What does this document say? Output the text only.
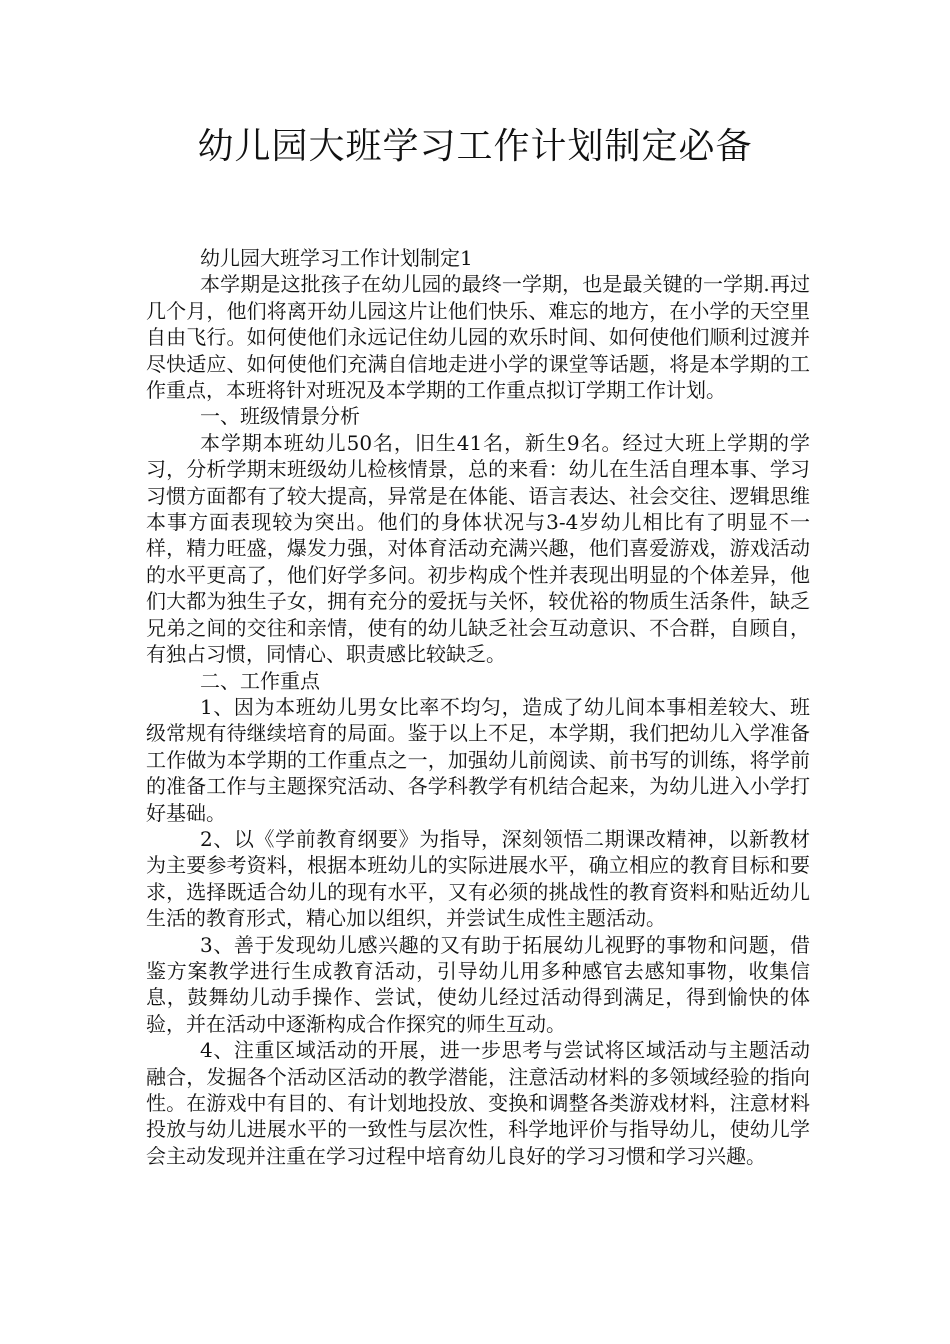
幼儿园大班学习工作计划制定必备

幼儿园大班学习工作计划制定1

本学期是这批孩子在幼儿园的最终一学期，也是最关键的一学期.再过几个月，他们将离开幼儿园这片让他们快乐、难忘的地方，在小学的天空里自由飞行。如何使他们永远记住幼儿园的欢乐时间、如何使他们顺利过渡并尽快适应、如何使他们充满自信地走进小学的课堂等话题，将是本学期的工作重点，本班将针对班况及本学期的工作重点拟订学期工作计划。

一、班级情景分析

本学期本班幼儿50名，旧生41名，新生9名。经过大班上学期的学习，分析学期末班级幼儿检核情景，总的来看：幼儿在生活自理本事、学习习惯方面都有了较大提高，异常是在体能、语言表达、社会交往、逻辑思维本事方面表现较为突出。他们的身体状况与3-4岁幼儿相比有了明显不一样，精力旺盛，爆发力强，对体育活动充满兴趣，他们喜爱游戏，游戏活动的水平更高了，他们好学多问。初步构成个性并表现出明显的个体差异，他们大都为独生子女，拥有充分的爱抚与关怀，较优裕的物质生活条件，缺乏兄弟之间的交往和亲情，使有的幼儿缺乏社会互动意识、不合群，自顾自，有独占习惯，同情心、职责感比较缺乏。

二、工作重点

1、因为本班幼儿男女比率不均匀，造成了幼儿间本事相差较大、班级常规有待继续培育的局面。鉴于以上不足，本学期，我们把幼儿入学准备工作做为本学期的工作重点之一，加强幼儿前阅读、前书写的训练，将学前的准备工作与主题探究活动、各学科教学有机结合起来，为幼儿进入小学打好基础。

2、以《学前教育纲要》为指导，深刻领悟二期课改精神，以新教材为主要参考资料，根据本班幼儿的实际进展水平，确立相应的教育目标和要求，选择既适合幼儿的现有水平，又有必须的挑战性的教育资料和贴近幼儿生活的教育形式，精心加以组织，并尝试生成性主题活动。

3、善于发现幼儿感兴趣的又有助于拓展幼儿视野的事物和问题，借鉴方案教学进行生成教育活动，引导幼儿用多种感官去感知事物，收集信息，鼓舞幼儿动手操作、尝试，使幼儿经过活动得到满足，得到愉快的体验，并在活动中逐渐构成合作探究的师生互动。

4、注重区域活动的开展，进一步思考与尝试将区域活动与主题活动融合，发掘各个活动区活动的教学潜能，注意活动材料的多领域经验的指向性。在游戏中有目的、有计划地投放、变换和调整各类游戏材料，注意材料投放与幼儿进展水平的一致性与层次性，科学地评价与指导幼儿，使幼儿学会主动发现并注重在学习过程中培育幼儿良好的学习习惯和学习兴趣。
